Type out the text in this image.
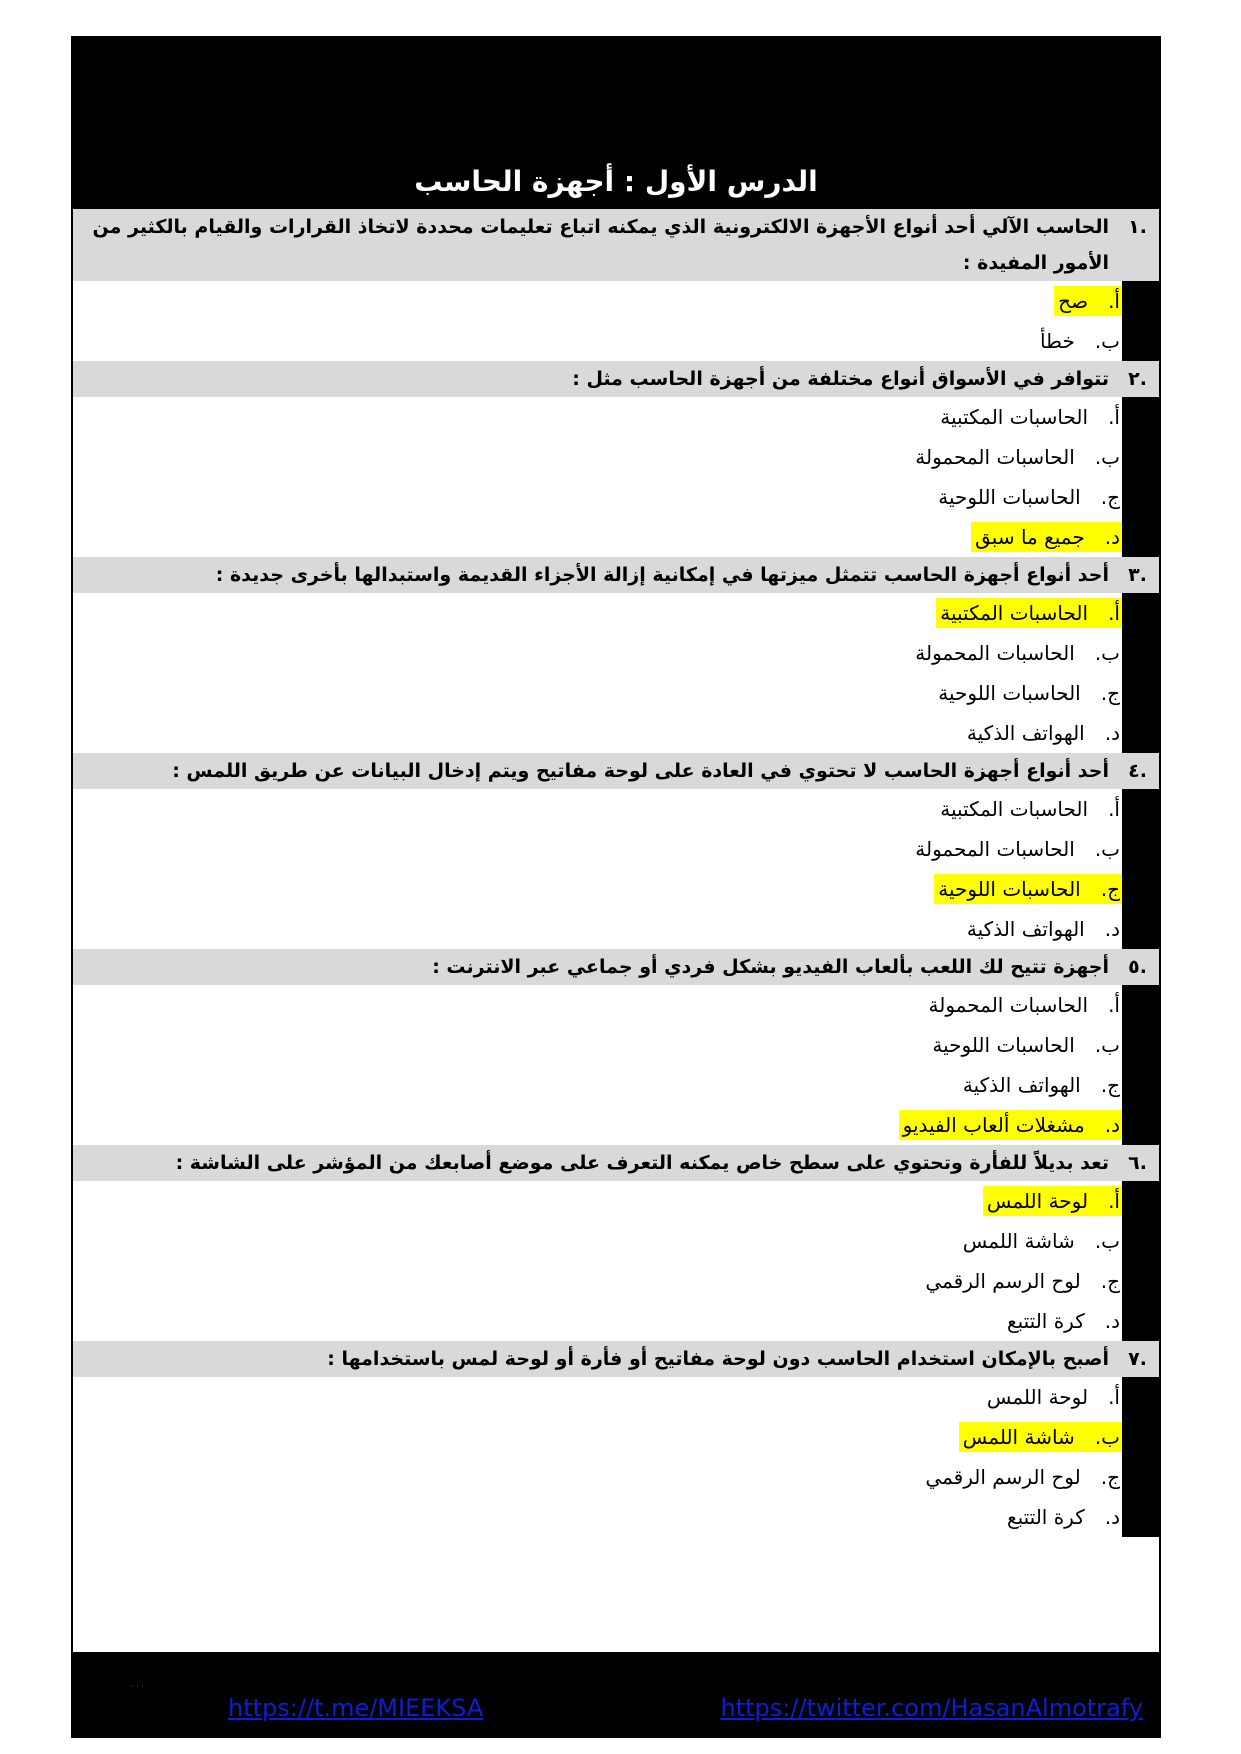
الدرس الأول : أجهزة الحاسب
.١
الحاسب الآلي أحد أنواع الأجهزة الالكترونية الذي يمكنه اتباع تعليمات محددة لاتخاذ القرارات والقيام بالكثير من الأمور المفيدة :
أ.
صح
ب.
خطأ
.٢
تتوافر في الأسواق أنواع مختلفة من أجهزة الحاسب مثل :
أ.
الحاسبات المكتبية
ب.
الحاسبات المحمولة
ج.
الحاسبات اللوحية
د.
جميع ما سبق
.٣
أحد أنواع أجهزة الحاسب تتمثل ميزتها في إمكانية إزالة الأجزاء القديمة واستبدالها بأخرى جديدة :
أ.
الحاسبات المكتبية
ب.
الحاسبات المحمولة
ج.
الحاسبات اللوحية
د.
الهواتف الذكية
.٤
أحد أنواع أجهزة الحاسب لا تحتوي في العادة على لوحة مفاتيح ويتم إدخال البيانات عن طريق اللمس :
أ.
الحاسبات المكتبية
ب.
الحاسبات المحمولة
ج.
الحاسبات اللوحية
د.
الهواتف الذكية
.٥
أجهزة تتيح لك اللعب بألعاب الفيديو بشكل فردي أو جماعي عبر الانترنت :
أ.
الحاسبات المحمولة
ب.
الحاسبات اللوحية
ج.
الهواتف الذكية
د.
مشغلات ألعاب الفيديو
.٦
تعد بديلاً للفأرة وتحتوي على سطح خاص يمكنه التعرف على موضع أصابعك من المؤشر على الشاشة :
أ.
لوحة اللمس
ب.
شاشة اللمس
ج.
لوح الرسم الرقمي
د.
كرة التتبع
.٧
أصبح بالإمكان استخدام الحاسب دون لوحة مفاتيح أو فأرة أو لوحة لمس باستخدامها :
أ.
لوحة اللمس
ب.
شاشة اللمس
ج.
لوح الرسم الرقمي
د.
كرة التتبع
· · ·
https://t.me/MIEEKSA	https://twitter.com/HasanAlmotrafy
